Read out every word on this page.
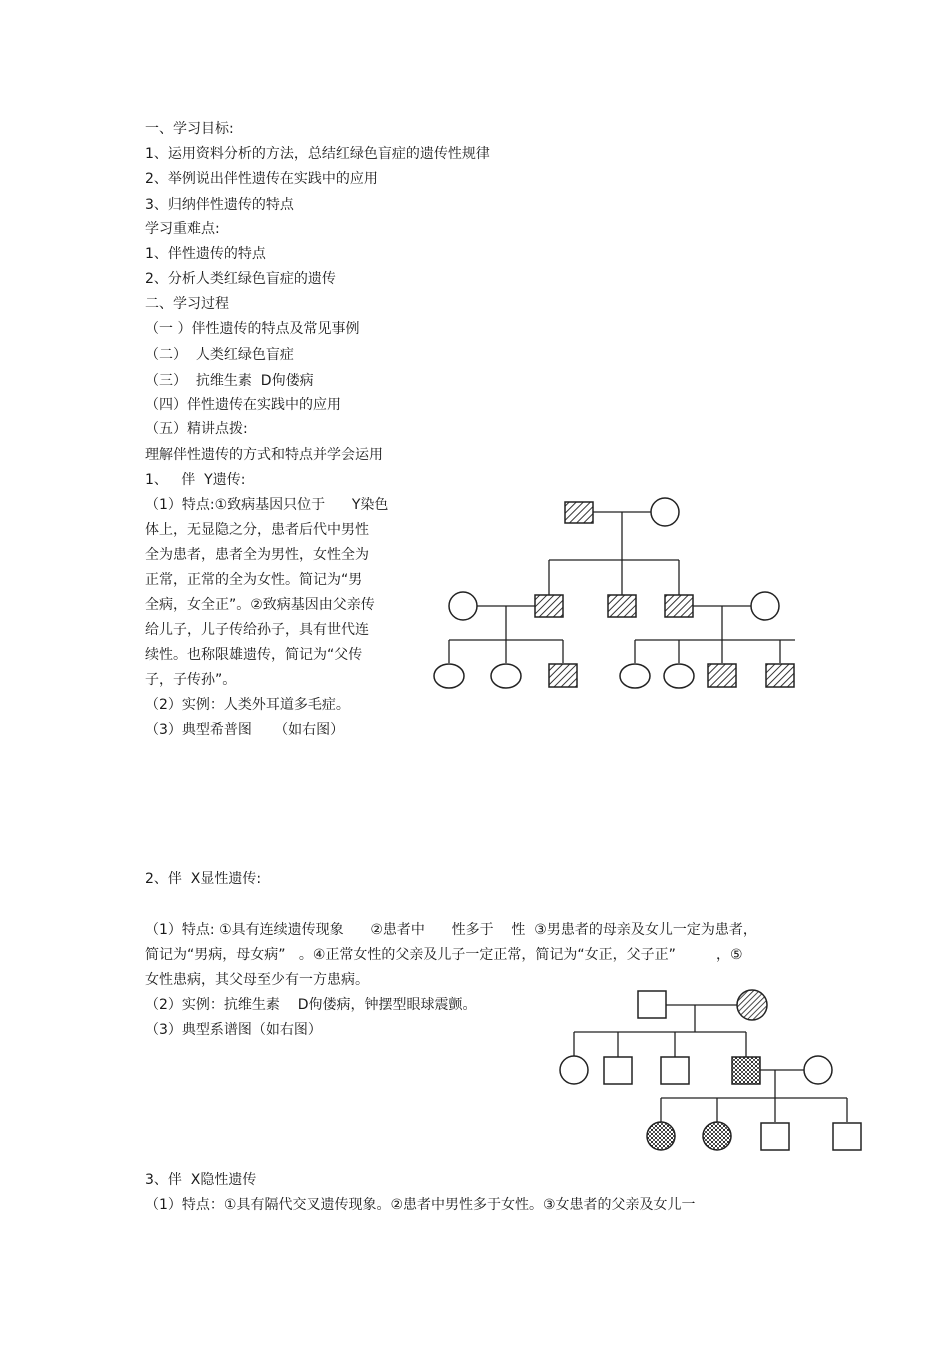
一、学习目标:
1、运用资料分析的方法，总结红绿色盲症的遗传性规律
2、举例说出伴性遗传在实践中的应用
3、归纳伴性遗传的特点
学习重难点:
1、伴性遗传的特点
2、分析人类红绿色盲症的遗传
二、学习过程
（一 ）伴性遗传的特点及常见事例
（二）  人类红绿色盲症
（三）  抗维生素  D佝偻病
（四）伴性遗传在实践中的应用
（五）精讲点拨:
理解伴性遗传的方式和特点并学会运用
1、   伴  Y遗传:
（1）特点:①致病基因只位于      Y染色
体上，无显隐之分，患者后代中男性
全为患者，患者全为男性，女性全为
正常，正常的全为女性。简记为“男
全病，女全正”。②致病基因由父亲传
给儿子，儿子传给孙子，具有世代连
续性。也称限雄遗传，简记为“父传
子，子传孙”。
（2）实例：人类外耳道多毛症。
（3）典型希普图     （如右图）
2、伴  X显性遗传:
（1）特点: ①具有连续遗传现象      ②患者中      性多于    性  ③男患者的母亲及女儿一定为患者，
简记为“男病，母女病”   。④正常女性的父亲及儿子一定正常，简记为“女正，父子正”         ，⑤
女性患病，其父母至少有一方患病。
（2）实例：抗维生素    D佝偻病，钟摆型眼球震颤。
（3）典型系谱图（如右图）
3、伴  X隐性遗传
（1）特点：①具有隔代交叉遗传现象。②患者中男性多于女性。③女患者的父亲及女儿一
